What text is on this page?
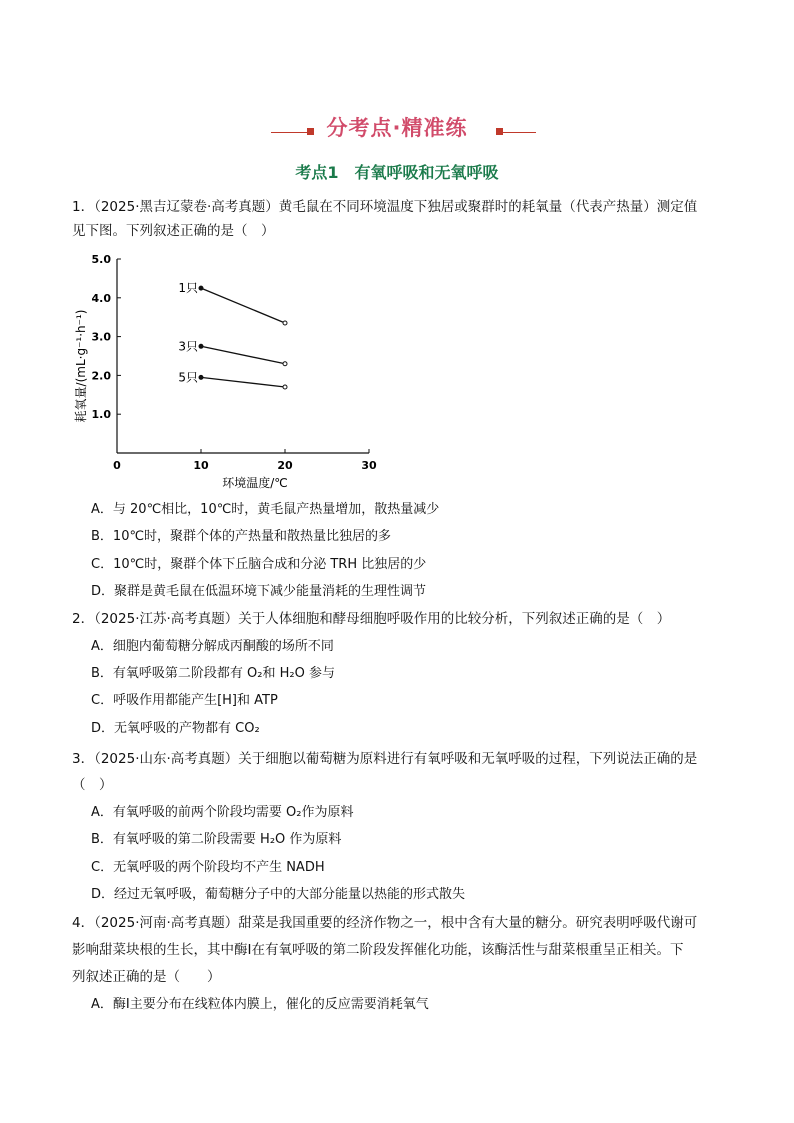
分考点·精准练
考点1　有氧呼吸和无氧呼吸
1．（2025·黑吉辽蒙卷·高考真题）黄毛鼠在不同环境温度下独居或聚群时的耗氧量（代表产热量）测定值
见下图。下列叙述正确的是（　）
1.0
2.0
3.0
4.0
5.0
0	10	20	30
环境温度/℃
耗氧量/(mL·g⁻¹·h⁻¹)
1只
3只
5只
A．与 20℃相比，10℃时，黄毛鼠产热量增加，散热量减少
B．10℃时，聚群个体的产热量和散热量比独居的多
C．10℃时，聚群个体下丘脑合成和分泌 TRH 比独居的少
D．聚群是黄毛鼠在低温环境下减少能量消耗的生理性调节
2．（2025·江苏·高考真题）关于人体细胞和酵母细胞呼吸作用的比较分析，下列叙述正确的是（　）
A．细胞内葡萄糖分解成丙酮酸的场所不同
B．有氧呼吸第二阶段都有 O₂和 H₂O 参与
C．呼吸作用都能产生[H]和 ATP
D．无氧呼吸的产物都有 CO₂
3．（2025·山东·高考真题）关于细胞以葡萄糖为原料进行有氧呼吸和无氧呼吸的过程，下列说法正确的是
（　）
A．有氧呼吸的前两个阶段均需要 O₂作为原料
B．有氧呼吸的第二阶段需要 H₂O 作为原料
C．无氧呼吸的两个阶段均不产生 NADH
D．经过无氧呼吸，葡萄糖分子中的大部分能量以热能的形式散失
4．（2025·河南·高考真题）甜菜是我国重要的经济作物之一，根中含有大量的糖分。研究表明呼吸代谢可
影响甜菜块根的生长，其中酶Ⅰ在有氧呼吸的第二阶段发挥催化功能，该酶活性与甜菜根重呈正相关。下
列叙述正确的是（　　）
A．酶Ⅰ主要分布在线粒体内膜上，催化的反应需要消耗氧气
